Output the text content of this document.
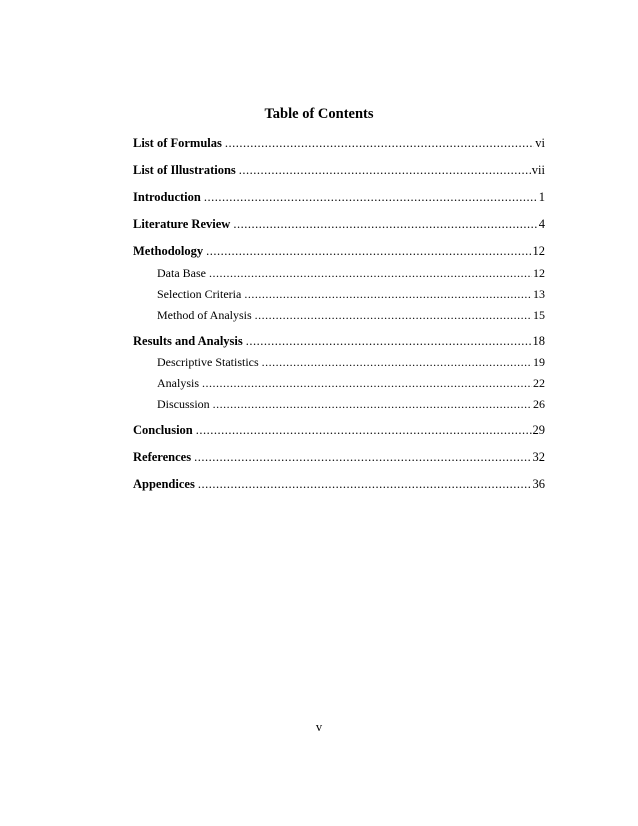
Table of Contents
List of Formulas .....	vi
List of Illustrations .....	vii
Introduction .....	1
Literature Review .....	4
Methodology .....	12
Data Base .....	12
Selection Criteria .....	13
Method of Analysis .....	15
Results and Analysis .....	18
Descriptive Statistics .....	19
Analysis .....	22
Discussion .....	26
Conclusion .....	29
References .....	32
Appendices .....	36
v
